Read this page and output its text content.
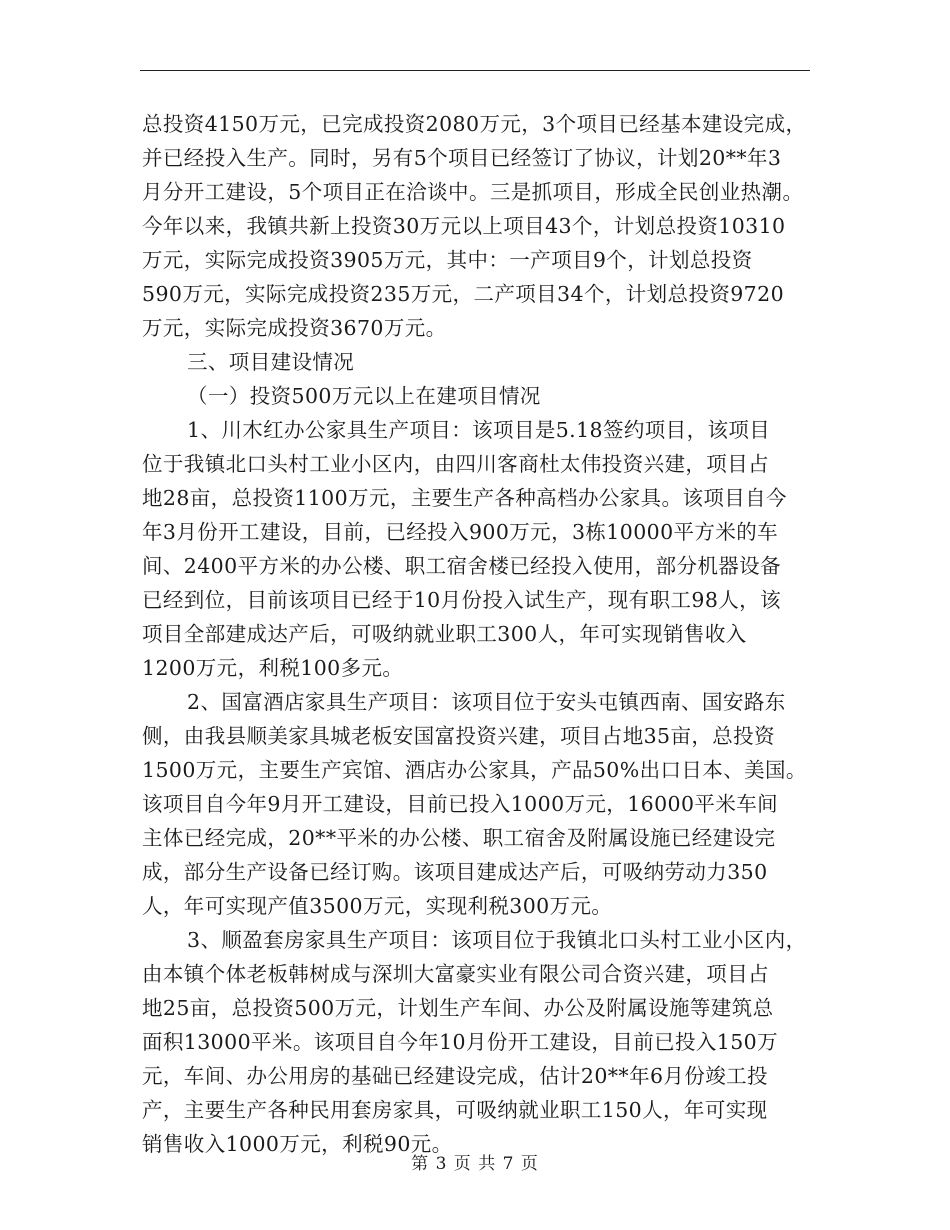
总投资4150万元，已完成投资2080万元，3个项目已经基本建设完成，
并已经投入生产。同时，另有5个项目已经签订了协议，计划20**年3
月分开工建设，5个项目正在洽谈中。三是抓项目，形成全民创业热潮。
今年以来，我镇共新上投资30万元以上项目43个，计划总投资10310
万元，实际完成投资3905万元，其中：一产项目9个，计划总投资
590万元，实际完成投资235万元，二产项目34个，计划总投资9720
万元，实际完成投资3670万元。
三、项目建设情况
（一）投资500万元以上在建项目情况
1、川木红办公家具生产项目：该项目是5.18签约项目，该项目
位于我镇北口头村工业小区内，由四川客商杜太伟投资兴建，项目占
地28亩，总投资1100万元，主要生产各种高档办公家具。该项目自今
年3月份开工建设，目前，已经投入900万元，3栋10000平方米的车
间、2400平方米的办公楼、职工宿舍楼已经投入使用，部分机器设备
已经到位，目前该项目已经于10月份投入试生产，现有职工98人，该
项目全部建成达产后，可吸纳就业职工300人，年可实现销售收入
1200万元，利税100多元。
2、国富酒店家具生产项目：该项目位于安头屯镇西南、国安路东
侧，由我县顺美家具城老板安国富投资兴建，项目占地35亩，总投资
1500万元，主要生产宾馆、酒店办公家具，产品50%出口日本、美国。
该项目自今年9月开工建设，目前已投入1000万元，16000平米车间
主体已经完成，20**平米的办公楼、职工宿舍及附属设施已经建设完
成，部分生产设备已经订购。该项目建成达产后，可吸纳劳动力350
人，年可实现产值3500万元，实现利税300万元。
3、顺盈套房家具生产项目：该项目位于我镇北口头村工业小区内，
由本镇个体老板韩树成与深圳大富豪实业有限公司合资兴建，项目占
地25亩，总投资500万元，计划生产车间、办公及附属设施等建筑总
面积13000平米。该项目自今年10月份开工建设，目前已投入150万
元，车间、办公用房的基础已经建设完成，估计20**年6月份竣工投
产，主要生产各种民用套房家具，可吸纳就业职工150人，年可实现
销售收入1000万元，利税90元。
第 3 页 共 7 页
